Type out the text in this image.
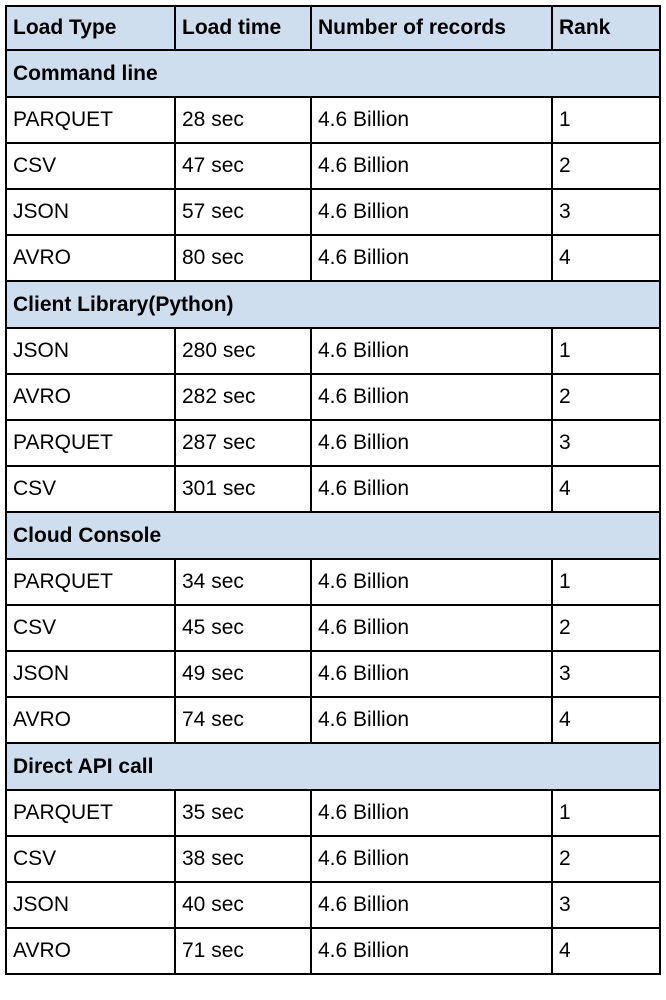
Load Type	Load time	Number of records	Rank
Command line			
PARQUET	28 sec	4.6 Billion	1
CSV	47 sec	4.6 Billion	2
JSON	57 sec	4.6 Billion	3
AVRO	80 sec	4.6 Billion	4
Client Library(Python)			
JSON	280 sec	4.6 Billion	1
AVRO	282 sec	4.6 Billion	2
PARQUET	287 sec	4.6 Billion	3
CSV	301 sec	4.6 Billion	4
Cloud Console			
PARQUET	34 sec	4.6 Billion	1
CSV	45 sec	4.6 Billion	2
JSON	49 sec	4.6 Billion	3
AVRO	74 sec	4.6 Billion	4
Direct API call			
PARQUET	35 sec	4.6 Billion	1
CSV	38 sec	4.6 Billion	2
JSON	40 sec	4.6 Billion	3
AVRO	71 sec	4.6 Billion	4
